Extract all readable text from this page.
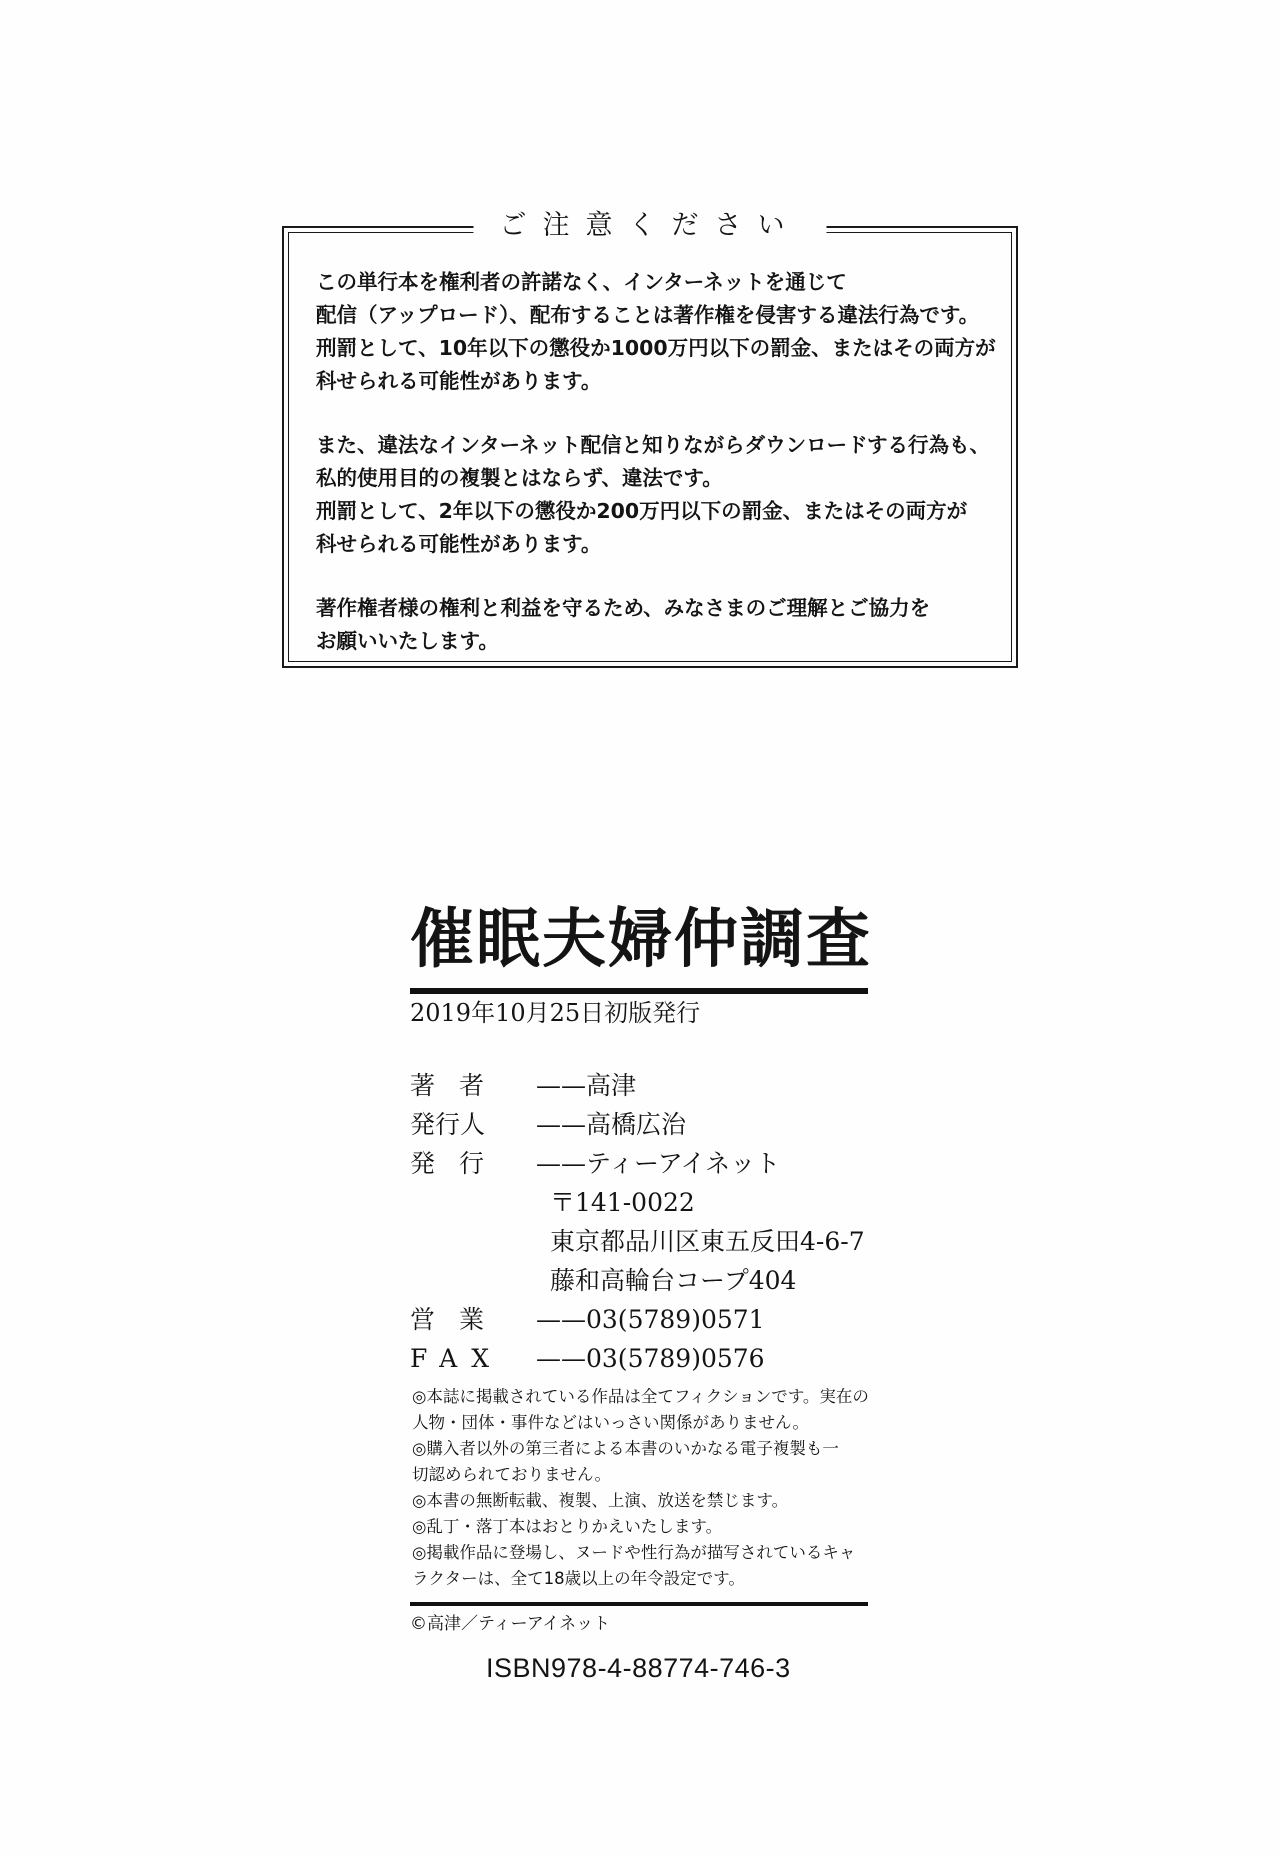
ご注意ください

この単行本を権利者の許諾なく、インターネットを通じて
配信（アップロード）、配布することは著作権を侵害する違法行為です。
刑罰として、10年以下の懲役か1000万円以下の罰金、またはその両方が
科せられる可能性があります。

また、違法なインターネット配信と知りながらダウンロードする行為も、
私的使用目的の複製とはならず、違法です。
刑罰として、2年以下の懲役か200万円以下の罰金、またはその両方が
科せられる可能性があります。

著作権者様の権利と利益を守るため、みなさまのご理解とご協力を
お願いいたします。

催眠夫婦仲調査
2019年10月25日初版発行
著者	——高津
発行人	——高橋広治
発行	——ティーアイネット
〒141-0022
東京都品川区東五反田4-6-7
藤和高輪台コープ404
営業	——03(5789)0571
FAX	——03(5789)0576
◎本誌に掲載されている作品は全てフィクションです。実在の
人物・団体・事件などはいっさい関係がありません。
◎購入者以外の第三者による本書のいかなる電子複製も一
切認められておりません。
◎本書の無断転載、複製、上演、放送を禁じます。
◎乱丁・落丁本はおとりかえいたします。
◎掲載作品に登場し、ヌードや性行為が描写されているキャ
ラクターは、全て18歳以上の年令設定です。
©高津／ティーアイネット
ISBN978-4-88774-746-3
